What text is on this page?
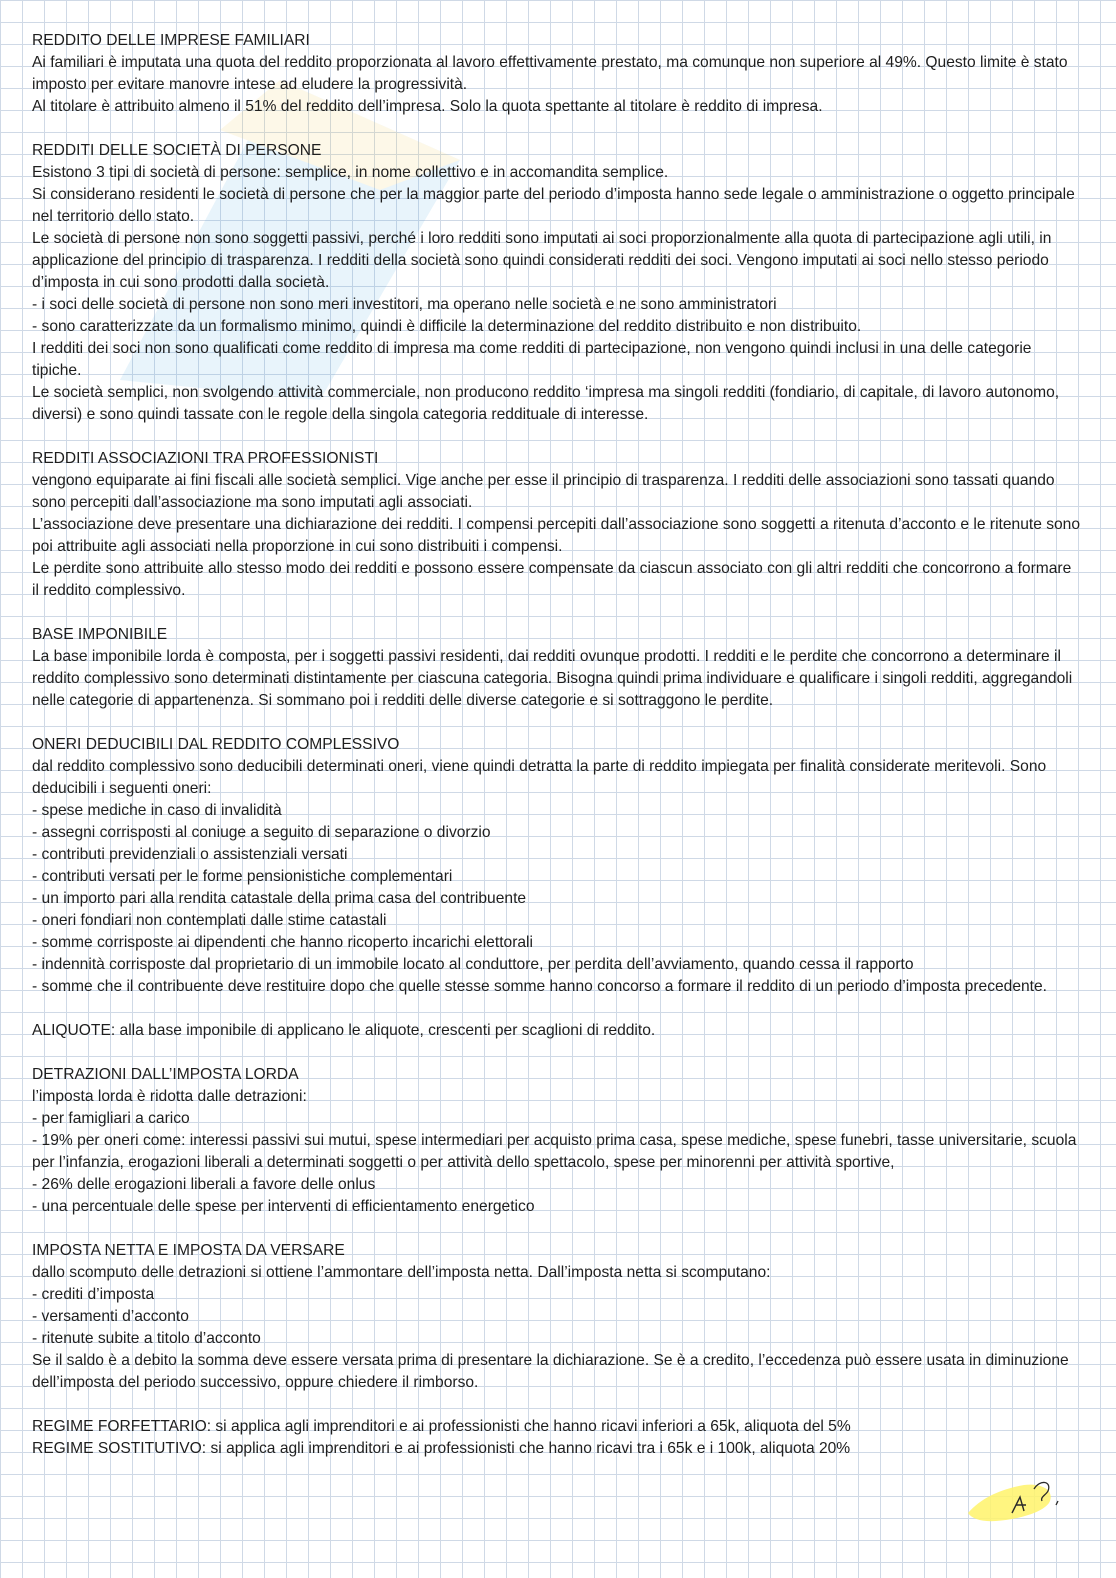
REDDITO DELLE IMPRESE FAMILIARI

Ai familiari è imputata una quota del reddito proporzionata al lavoro effettivamente prestato, ma comunque non superiore al 49%. Questo limite è stato imposto per evitare manovre intese ad eludere la progressività.

Al titolare è attribuito almeno il 51% del reddito dell’impresa. Solo la quota spettante al titolare è reddito di impresa.

REDDITI DELLE SOCIETÀ DI PERSONE

Esistono 3 tipi di società di persone: semplice, in nome collettivo e in accomandita semplice.

Si considerano residenti le società di persone che per la maggior parte del periodo d’imposta hanno sede legale o amministrazione o oggetto principale nel territorio dello stato.

Le società di persone non sono soggetti passivi, perché i loro redditi sono imputati ai soci proporzionalmente alla quota di partecipazione agli utili, in applicazione del principio di trasparenza. I redditi della società sono quindi considerati redditi dei soci. Vengono imputati ai soci nello stesso periodo d’imposta in cui sono prodotti dalla società.

- i soci delle società di persone non sono meri investitori, ma operano nelle società e ne sono amministratori

- sono caratterizzate da un formalismo minimo, quindi è difficile la determinazione del reddito distribuito e non distribuito.

I redditi dei soci non sono qualificati come reddito di impresa ma come redditi di partecipazione, non vengono quindi inclusi in una delle categorie tipiche.

Le società semplici, non svolgendo attività commerciale, non producono reddito ‘impresa ma singoli redditi (fondiario, di capitale, di lavoro autonomo, diversi) e sono quindi tassate con le regole della singola categoria reddituale di interesse.

REDDITI ASSOCIAZIONI TRA PROFESSIONISTI

vengono equiparate ai fini fiscali alle società semplici. Vige anche per esse il principio di trasparenza. I redditi delle associazioni sono tassati quando sono percepiti dall’associazione ma sono imputati agli associati.

L’associazione deve presentare una dichiarazione dei redditi. I compensi percepiti dall’associazione sono soggetti a ritenuta d’acconto e le ritenute sono poi attribuite agli associati nella proporzione in cui sono distribuiti i compensi.

Le perdite sono attribuite allo stesso modo dei redditi e possono essere compensate da ciascun associato con gli altri redditi che concorrono a formare il reddito complessivo.

BASE IMPONIBILE

La base imponibile lorda è composta, per i soggetti passivi residenti, dai redditi ovunque prodotti. I redditi e le perdite che concorrono a determinare il reddito complessivo sono determinati distintamente per ciascuna categoria. Bisogna quindi prima individuare e qualificare i singoli redditi, aggregandoli nelle categorie di appartenenza. Si sommano poi i redditi delle diverse categorie e si sottraggono le perdite.

ONERI DEDUCIBILI DAL REDDITO COMPLESSIVO

dal reddito complessivo sono deducibili determinati oneri, viene quindi detratta la parte di reddito impiegata per finalità considerate meritevoli. Sono deducibili i seguenti oneri:

- spese mediche in caso di invalidità

- assegni corrisposti al coniuge a seguito di separazione o divorzio

- contributi previdenziali o assistenziali versati

- contributi versati per le forme pensionistiche complementari

- un importo pari alla rendita catastale della prima casa del contribuente

- oneri fondiari non contemplati dalle stime catastali

- somme corrisposte ai dipendenti che hanno ricoperto incarichi elettorali

- indennità corrisposte dal proprietario di un immobile locato al conduttore, per perdita dell’avviamento, quando cessa il rapporto

- somme che il contribuente deve restituire dopo che quelle stesse somme hanno concorso a formare il reddito di un periodo d’imposta precedente.

ALIQUOTE: alla base imponibile di applicano le aliquote, crescenti per scaglioni di reddito.

DETRAZIONI DALL’IMPOSTA LORDA

l’imposta lorda è ridotta dalle detrazioni:

- per famigliari a carico

- 19% per oneri come: interessi passivi sui mutui, spese intermediari per acquisto prima casa, spese mediche, spese funebri, tasse universitarie, scuola per l’infanzia, erogazioni liberali a determinati soggetti o per attività dello spettacolo, spese per minorenni per attività sportive,

- 26% delle erogazioni liberali a favore delle onlus

- una percentuale delle spese per interventi di efficientamento energetico

IMPOSTA NETTA E IMPOSTA DA VERSARE

dallo scomputo delle detrazioni si ottiene l’ammontare dell’imposta netta. Dall’imposta netta si scomputano:

- crediti d’imposta

- versamenti d’acconto

- ritenute subite a titolo d’acconto

Se il saldo è a debito la somma deve essere versata prima di presentare la dichiarazione. Se è a credito, l’eccedenza può essere usata in diminuzione dell’imposta del periodo successivo, oppure chiedere il rimborso.

REGIME FORFETTARIO: si applica agli imprenditori e ai professionisti che hanno ricavi inferiori a 65k, aliquota del 5%

REGIME SOSTITUTIVO: si applica agli imprenditori e ai professionisti che hanno ricavi tra i 65k e i 100k, aliquota 20%
